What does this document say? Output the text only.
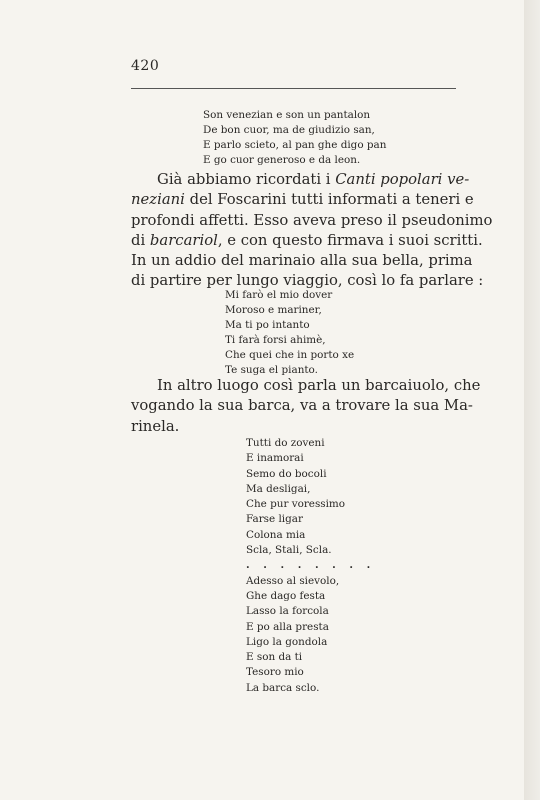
420
Son venezian e son un pantalon
De bon cuor, ma de giudizio san,
E parlo scieto, al pan ghe digo pan
E go cuor generoso e da leon.

Già abbiamo ricordati i Canti popolari ve-
neziani del Foscarini tutti informati a teneri e
profondi affetti. Esso aveva preso il pseudonimo
di barcariol, e con questo firmava i suoi scritti.
In un addio del marinaio alla sua bella, prima
di partire per lungo viaggio, così lo fa parlare :

Mi farò el mio dover
Moroso e mariner,
Ma ti po intanto
Ti farà forsi ahimè,
Che quei che in porto xe
Te suga el pianto.

In altro luogo così parla un barcaiuolo, che
vogando la sua barca, va a trovare la sua Ma-
rinela.

Tutti do zoveni
E inamorai
Semo do bocoli
Ma desligai,
Che pur voressimo
Farse ligar
Colona mia
Scla, Stali, Scla.
. . . . . . . .
Adesso al sievolo,
Ghe dago festa
Lasso la forcola
E po alla presta
Ligo la gondola
E son da ti
Tesoro mio
La barca sclo.
